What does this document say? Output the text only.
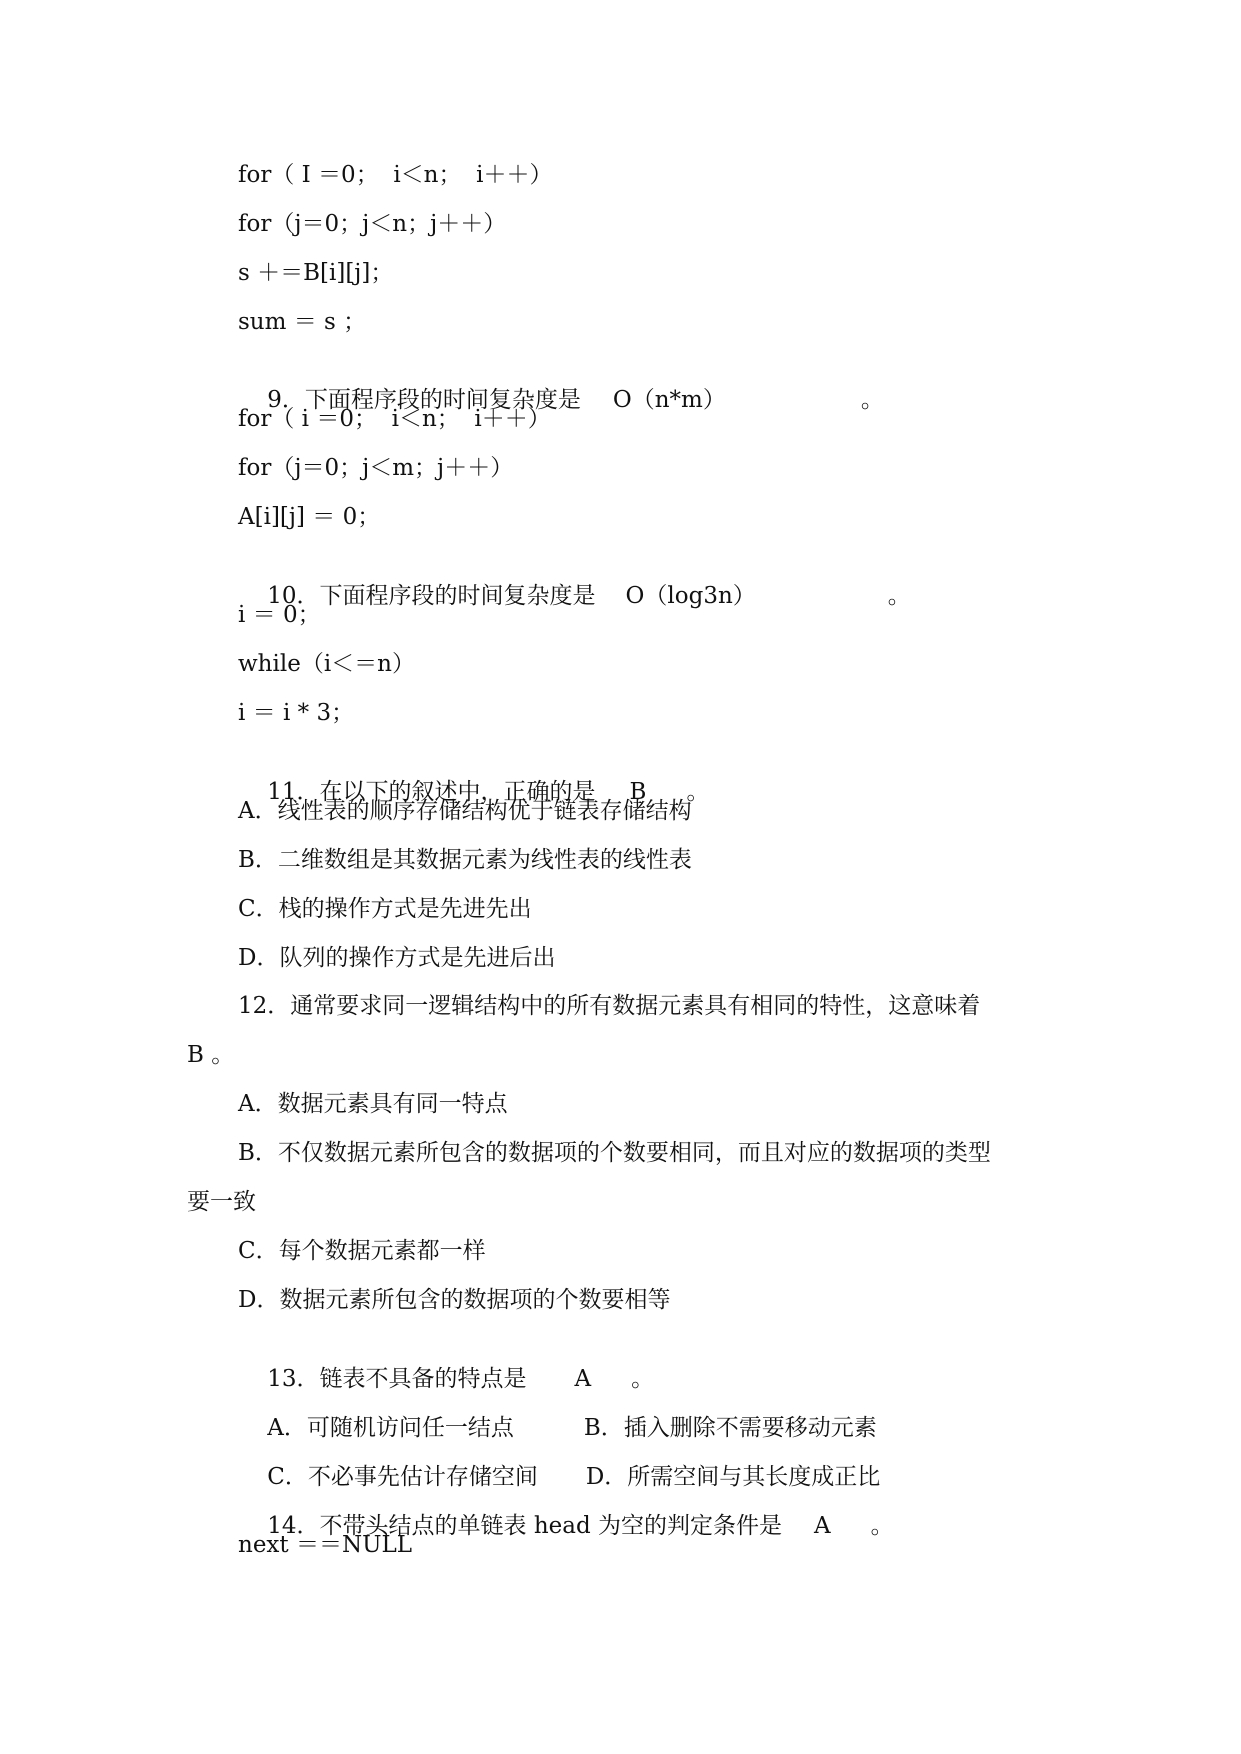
for（ I ＝0；  i＜n；  i＋＋）
for（j＝0；j＜n；j＋＋）
s ＋＝B[i][j]；
sum ＝ s ；

9．下面程序段的时间复杂度是 O（n*m）	。

for（ i ＝0；  i＜n；  i＋＋）
for（j＝0；j＜m；j＋＋）
A[i][j] ＝ 0；

10．下面程序段的时间复杂度是 O（log3n）	。

i ＝ 0；
while（i＜＝n）
i ＝ i * 3；

11．在以下的叙述中，正确的是 B 。

A．线性表的顺序存储结构优于链表存储结构
B．二维数组是其数据元素为线性表的线性表
C．栈的操作方式是先进先出
D．队列的操作方式是先进后出
12．通常要求同一逻辑结构中的所有数据元素具有相同的特性，这意味着
B 。
A．数据元素具有同一特点
B．不仅数据元素所包含的数据项的个数要相同，而且对应的数据项的类型
要一致
C．每个数据元素都一样
D．数据元素所包含的数据项的个数要相等

13．链表不具备的特点是 A 。

A．可随机访问任一结点	B．插入删除不需要移动元素

C．不必事先估计存储空间 D．所需空间与其长度成正比

14．不带头结点的单链表 head 为空的判定条件是 A 。

next ＝＝NULL
